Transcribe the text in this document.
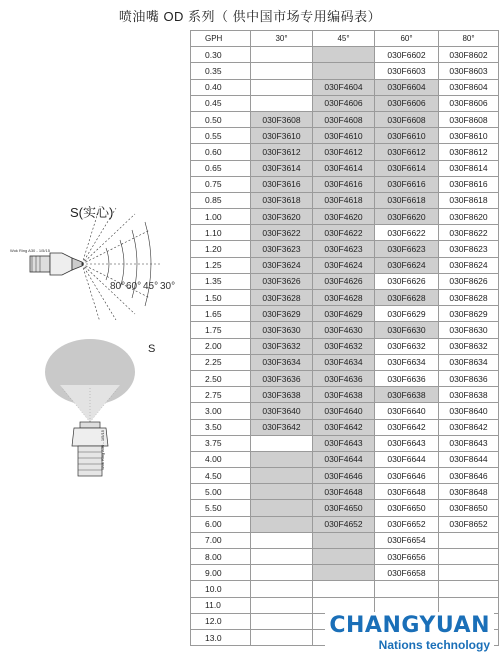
喷油嘴 OD 系列（ 供中国市场专用编码表）
S(实心)
Wok Ring A30 - 1/5/15
80° 60° 45° 30°
S
Wok Ring A30 - 1/5/15
GPH	30°	45°	60°	80°
0.30			030F6602	030F8602
0.35			030F6603	030F8603
0.40		030F4604	030F6604	030F8604
0.45		030F4606	030F6606	030F8606
0.50	030F3608	030F4608	030F6608	030F8608
0.55	030F3610	030F4610	030F6610	030F8610
0.60	030F3612	030F4612	030F6612	030F8612
0.65	030F3614	030F4614	030F6614	030F8614
0.75	030F3616	030F4616	030F6616	030F8616
0.85	030F3618	030F4618	030F6618	030F8618
1.00	030F3620	030F4620	030F6620	030F8620
1.10	030F3622	030F4622	030F6622	030F8622
1.20	030F3623	030F4623	030F6623	030F8623
1.25	030F3624	030F4624	030F6624	030F8624
1.35	030F3626	030F4626	030F6626	030F8626
1.50	030F3628	030F4628	030F6628	030F8628
1.65	030F3629	030F4629	030F6629	030F8629
1.75	030F3630	030F4630	030F6630	030F8630
2.00	030F3632	030F4632	030F6632	030F8632
2.25	030F3634	030F4634	030F6634	030F8634
2.50	030F3636	030F4636	030F6636	030F8636
2.75	030F3638	030F4638	030F6638	030F8638
3.00	030F3640	030F4640	030F6640	030F8640
3.50	030F3642	030F4642	030F6642	030F8642
3.75		030F4643	030F6643	030F8643
4.00		030F4644	030F6644	030F8644
4.50		030F4646	030F6646	030F8646
5.00		030F4648	030F6648	030F8648
5.50		030F4650	030F6650	030F8650
6.00		030F4652	030F6652	030F8652
7.00			030F6654	
8.00			030F6656	
9.00			030F6658	
10.0				
11.0				
12.0				
13.0					CHANGYUAN
Nations technology
